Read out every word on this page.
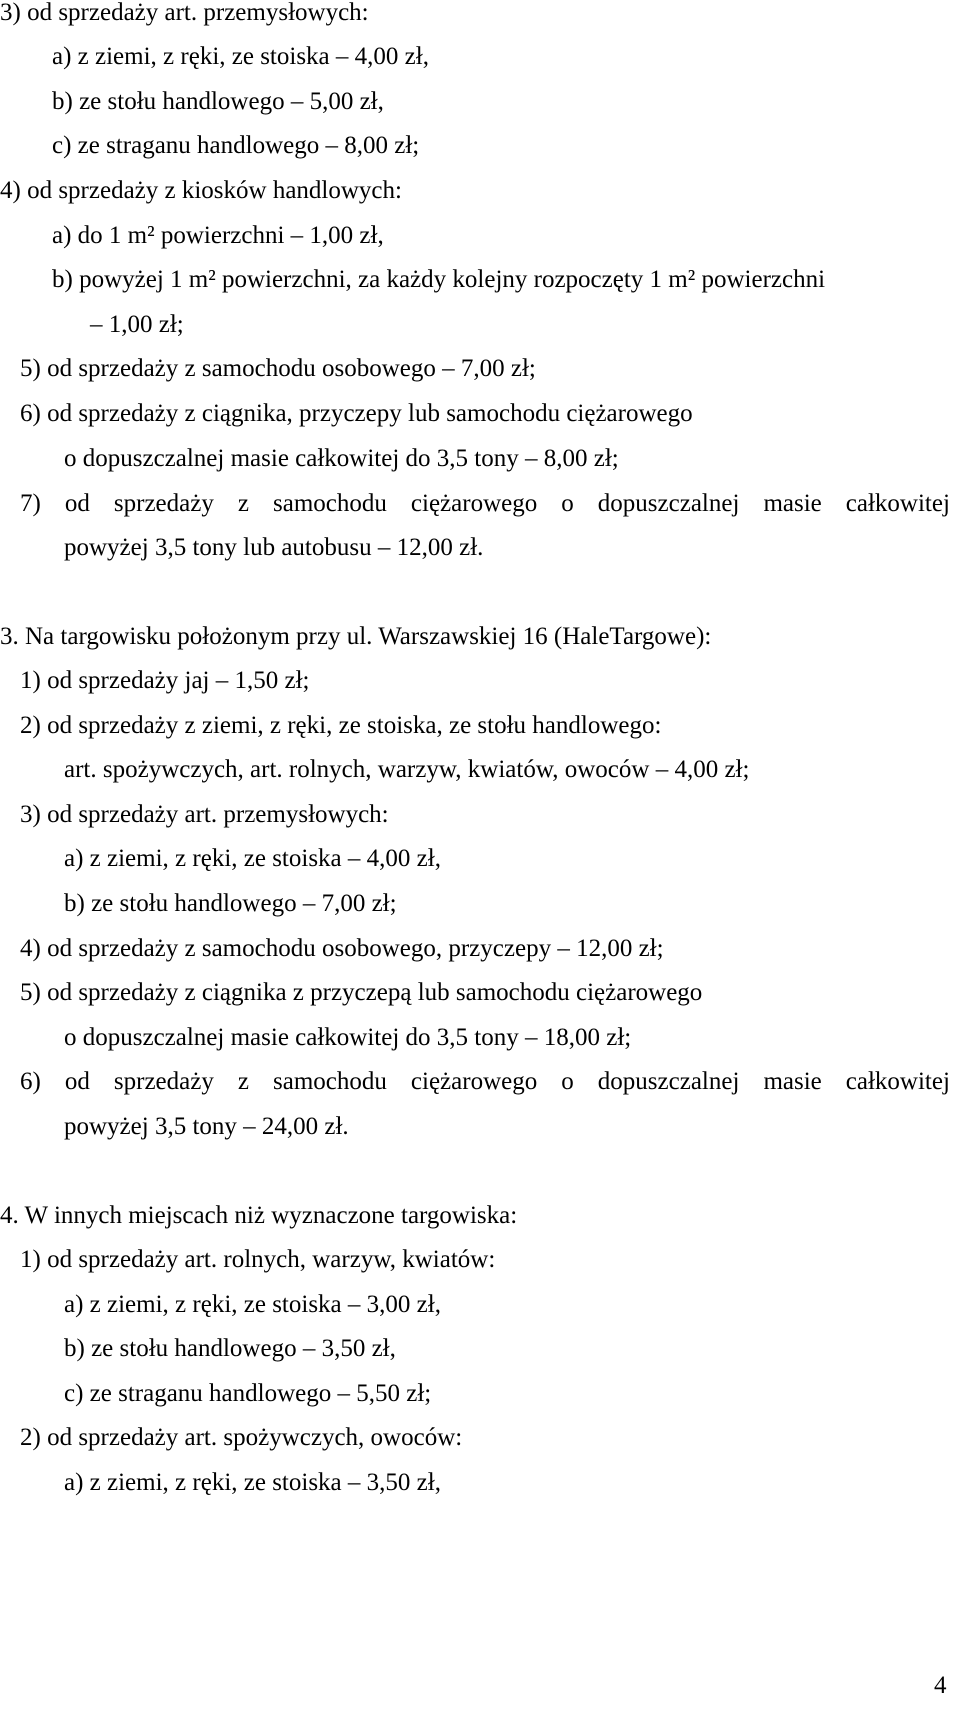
3) od sprzedaży art. przemysłowych:
a) z ziemi, z ręki, ze stoiska – 4,00 zł,
b) ze stołu handlowego – 5,00 zł,
c) ze straganu handlowego – 8,00 zł;
4) od sprzedaży z kiosków handlowych:
a) do 1 m² powierzchni – 1,00 zł,
b) powyżej 1 m² powierzchni, za każdy kolejny rozpoczęty 1 m² powierzchni
– 1,00 zł;
5) od sprzedaży z samochodu osobowego – 7,00 zł;
6) od sprzedaży z ciągnika, przyczepy lub samochodu ciężarowego
o dopuszczalnej masie całkowitej do 3,5 tony – 8,00 zł;
7) od sprzedaży z samochodu ciężarowego o dopuszczalnej masie całkowitej
powyżej 3,5 tony lub autobusu – 12,00 zł.
3. Na targowisku położonym przy ul. Warszawskiej 16 (HaleTargowe):
1) od sprzedaży jaj – 1,50 zł;
2) od sprzedaży z ziemi, z ręki, ze stoiska, ze stołu handlowego:
art. spożywczych, art. rolnych, warzyw, kwiatów, owoców – 4,00 zł;
3) od sprzedaży art. przemysłowych:
a) z ziemi, z ręki, ze stoiska – 4,00 zł,
b) ze stołu handlowego – 7,00 zł;
4) od sprzedaży z samochodu osobowego, przyczepy – 12,00 zł;
5) od sprzedaży z ciągnika z przyczepą lub samochodu ciężarowego
o dopuszczalnej masie całkowitej do 3,5 tony – 18,00 zł;
6) od sprzedaży z samochodu ciężarowego o dopuszczalnej masie całkowitej
powyżej 3,5 tony – 24,00 zł.
4. W innych miejscach niż wyznaczone targowiska:
1) od sprzedaży art. rolnych, warzyw, kwiatów:
a) z ziemi, z ręki, ze stoiska – 3,00 zł,
b) ze stołu handlowego – 3,50 zł,
c) ze straganu handlowego – 5,50 zł;
2) od sprzedaży art. spożywczych, owoców:
a) z ziemi, z ręki, ze stoiska – 3,50 zł,
4
